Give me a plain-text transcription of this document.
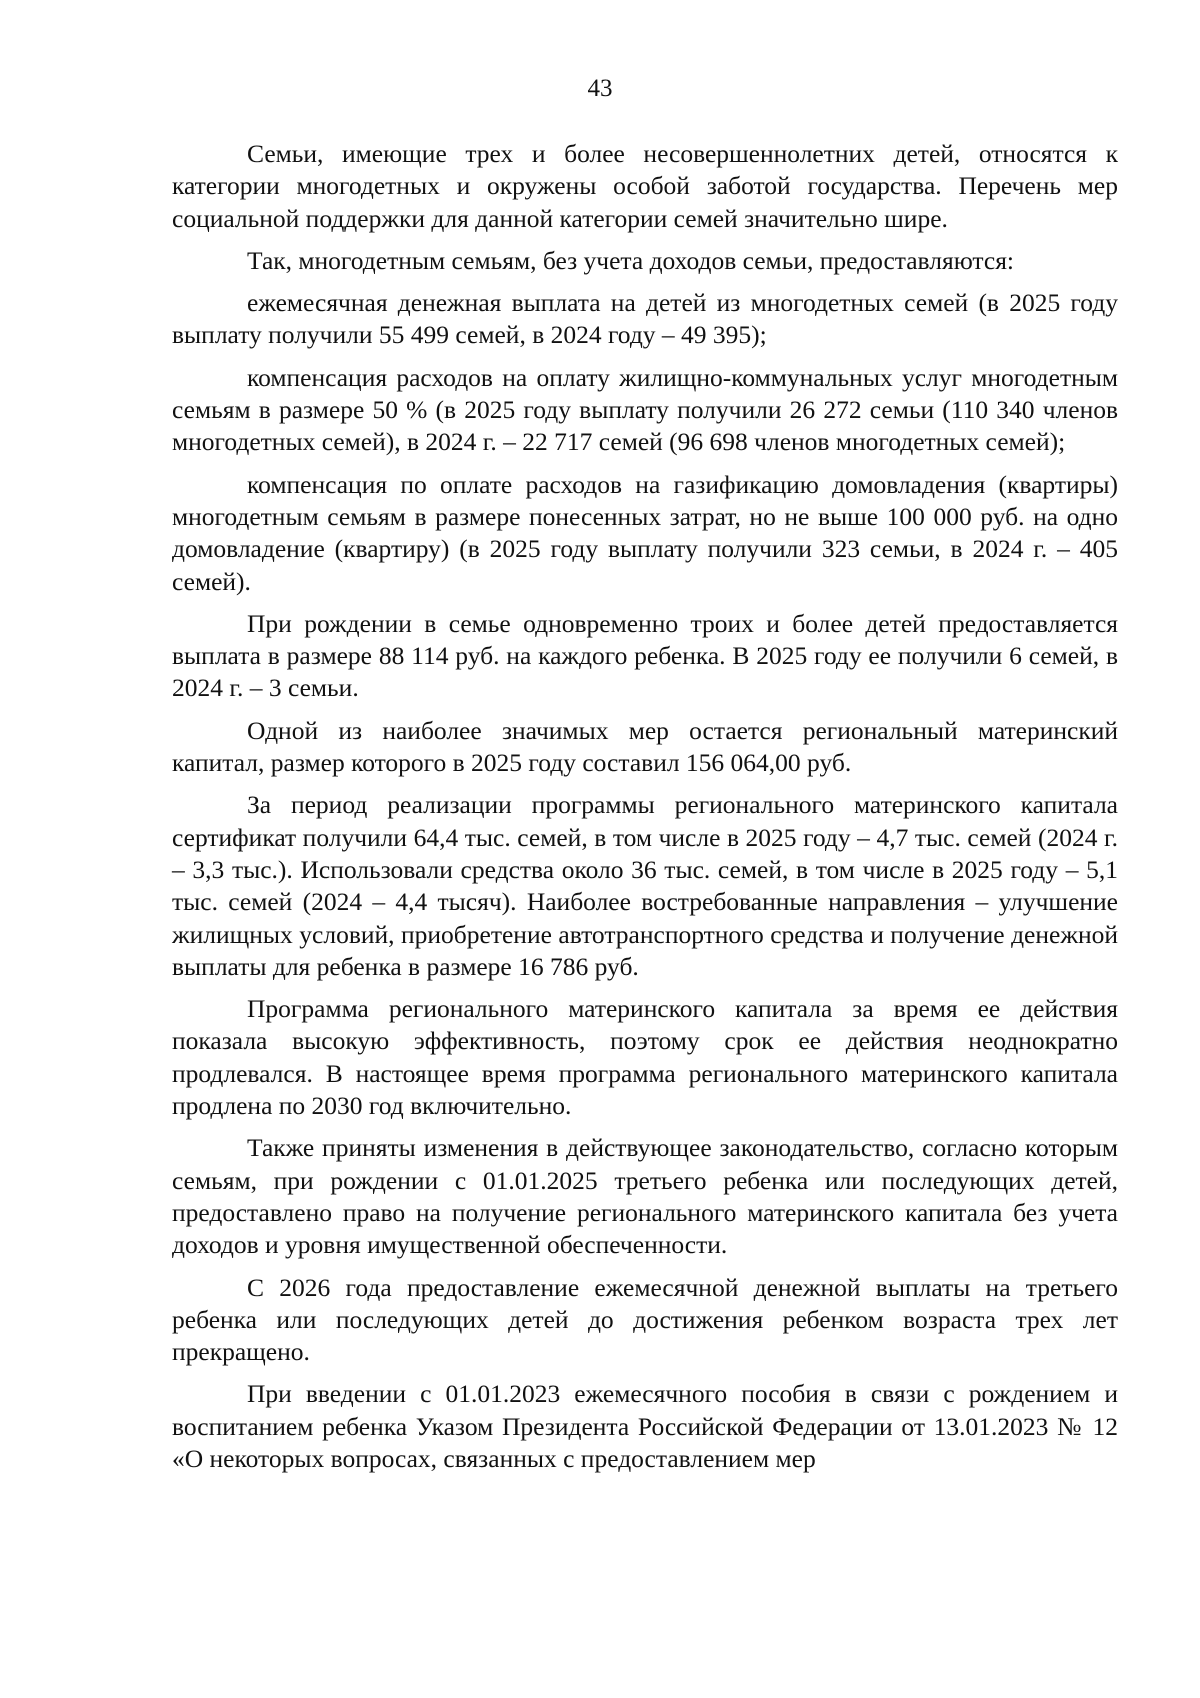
43

Семьи, имеющие трех и более несовершеннолетних детей, относятся к категории многодетных и окружены особой заботой государства. Перечень мер социальной поддержки для данной категории семей значительно шире.

Так, многодетным семьям, без учета доходов семьи, предоставляются:

ежемесячная денежная выплата на детей из многодетных семей (в 2025 году выплату получили 55 499 семей, в 2024 году – 49 395);

компенсация расходов на оплату жилищно-коммунальных услуг многодетным семьям в размере 50 % (в 2025 году выплату получили 26 272 семьи (110 340 членов многодетных семей), в 2024 г. – 22 717 семей (96 698 членов многодетных семей);

компенсация по оплате расходов на газификацию домовладения (квартиры) многодетным семьям в размере понесенных затрат, но не выше 100 000 руб. на одно домовладение (квартиру) (в 2025 году выплату получили 323 семьи, в 2024 г. – 405 семей).

При рождении в семье одновременно троих и более детей предоставляется выплата в размере 88 114 руб. на каждого ребенка. В 2025 году ее получили 6 семей, в 2024 г. – 3 семьи.

Одной из наиболее значимых мер остается региональный материнский капитал, размер которого в 2025 году составил 156 064,00 руб.

За период реализации программы регионального материнского капитала сертификат получили 64,4 тыс. семей, в том числе в 2025 году – 4,7 тыс. семей (2024 г. – 3,3 тыс.). Использовали средства около 36 тыс. семей, в том числе в 2025 году – 5,1 тыс. семей (2024 – 4,4 тысяч). Наиболее востребованные направления – улучшение жилищных условий, приобретение автотранспортного средства и получение денежной выплаты для ребенка в размере 16 786 руб.

Программа регионального материнского капитала за время ее действия показала высокую эффективность, поэтому срок ее действия неоднократно продлевался. В настоящее время программа регионального материнского капитала продлена по 2030 год включительно.

Также приняты изменения в действующее законодательство, согласно которым семьям, при рождении с 01.01.2025 третьего ребенка или последующих детей, предоставлено право на получение регионального материнского капитала без учета доходов и уровня имущественной обеспеченности.

С 2026 года предоставление ежемесячной денежной выплаты на третьего ребенка или последующих детей до достижения ребенком возраста трех лет прекращено.

При введении с 01.01.2023 ежемесячного пособия в связи с рождением и воспитанием ребенка Указом Президента Российской Федерации от 13.01.2023 № 12 «О некоторых вопросах, связанных с предоставлением мер
